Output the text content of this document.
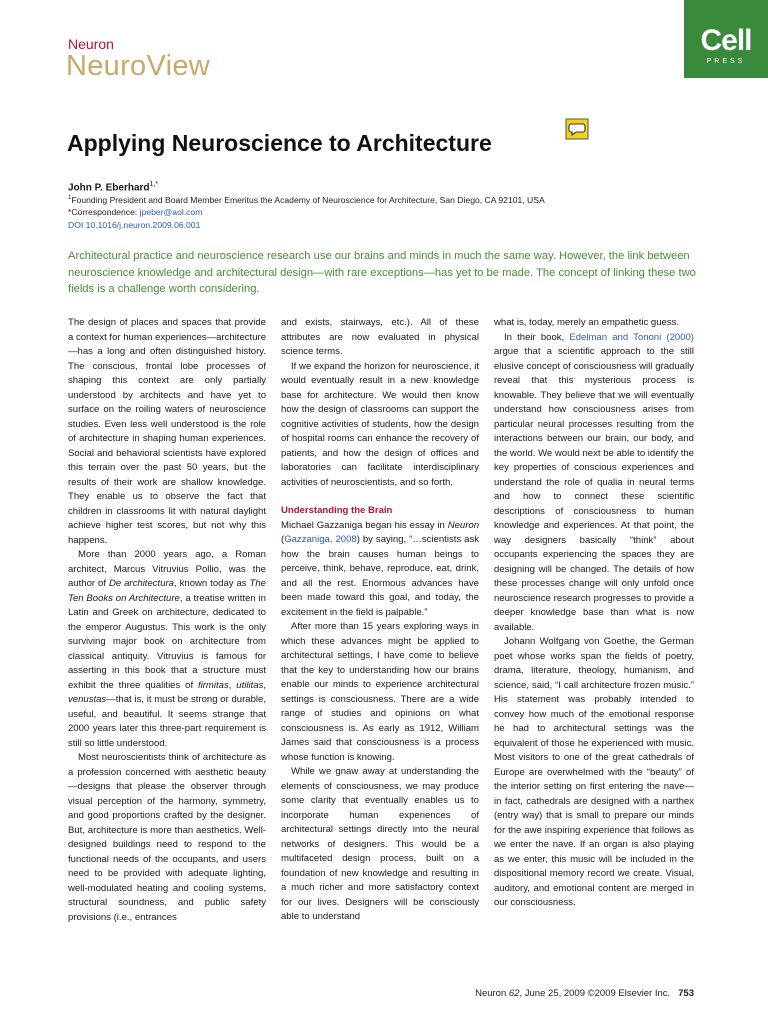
Neuron
NeuroView
Cell
PRESS
Applying Neuroscience to Architecture
John P. Eberhard$^{1,*}$
$^1$Founding President and Board Member Emeritus the Academy of Neuroscience for Architecture, San Diego, CA 92101, USA
*Correspondence: jpeber@aol.com
DOI 10.1016/j.neuron.2009.06.001
Architectural practice and neuroscience research use our brains and minds in much the same way. However, the link between neuroscience knowledge and architectural design—with rare exceptions—has yet to be made. The concept of linking these two fields is a challenge worth considering.

The design of places and spaces that provide a context for human experiences—architecture—has a long and often distinguished history. The conscious, frontal lobe processes of shaping this context are only partially understood by architects and have yet to surface on the roiling waters of neuroscience studies. Even less well understood is the role of architecture in shaping human experiences. Social and behavioral scientists have explored this terrain over the past 50 years, but the results of their work are shallow knowledge. They enable us to observe the fact that children in classrooms lit with natural daylight achieve higher test scores, but not why this happens.

More than 2000 years ago, a Roman architect, Marcus Vitruvius Pollio, was the author of De architectura, known today as The Ten Books on Architecture, a treatise written in Latin and Greek on architecture, dedicated to the emperor Augustus. This work is the only surviving major book on architecture from classical antiquity. Vitruvius is famous for asserting in this book that a structure must exhibit the three qualities of firmitas, utilitas, venustas—that is, it must be strong or durable, useful, and beautiful. It seems strange that 2000 years later this three-part requirement is still so little understood.

Most neuroscientists think of architecture as a profession concerned with aesthetic beauty—designs that please the observer through visual perception of the harmony, symmetry, and good proportions crafted by the designer. But, architecture is more than aesthetics. Well-designed buildings need to respond to the functional needs of the occupants, and users need to be provided with adequate lighting, well-modulated heating and cooling systems, structural soundness, and public safety provisions (i.e., entrances

and exists, stairways, etc.). All of these attributes are now evaluated in physical science terms.

If we expand the horizon for neuroscience, it would eventually result in a new knowledge base for architecture. We would then know how the design of classrooms can support the cognitive activities of students, how the design of hospital rooms can enhance the recovery of patients, and how the design of offices and laboratories can facilitate interdisciplinary activities of neuroscientists, and so forth.

Understanding the Brain

Michael Gazzaniga began his essay in Neuron (Gazzaniga, 2008) by saying, “…scientists ask how the brain causes human beings to perceive, think, behave, reproduce, eat, drink, and all the rest. Enormous advances have been made toward this goal, and today, the excitement in the field is palpable.”

After more than 15 years exploring ways in which these advances might be applied to architectural settings, I have come to believe that the key to understanding how our brains enable our minds to experience architectural settings is consciousness. There are a wide range of studies and opinions on what consciousness is. As early as 1912, William James said that consciousness is a process whose function is knowing.

While we gnaw away at understanding the elements of consciousness, we may produce some clarity that eventually enables us to incorporate human experiences of architectural settings directly into the neural networks of designers. This would be a multifaceted design process, built on a foundation of new knowledge and resulting in a much richer and more satisfactory context for our lives. Designers will be consciously able to understand

what is, today, merely an empathetic guess.

In their book, Edelman and Tononi (2000) argue that a scientific approach to the still elusive concept of consciousness will gradually reveal that this mysterious process is knowable. They believe that we will eventually understand how consciousness arises from particular neural processes resulting from the interactions between our brain, our body, and the world. We would next be able to identify the key properties of conscious experiences and understand the role of qualia in neural terms and how to connect these scientific descriptions of consciousness to human knowledge and experiences. At that point, the way designers basically “think” about occupants experiencing the spaces they are designing will be changed. The details of how these processes change will only unfold once neuroscience research progresses to provide a deeper knowledge base than what is now available.

Johann Wolfgang von Goethe, the German poet whose works span the fields of poetry, drama, literature, theology, humanism, and science, said, “I call architecture frozen music.” His statement was probably intended to convey how much of the emotional response he had to architectural settings was the equivalent of those he experienced with music. Most visitors to one of the great cathedrals of Europe are overwhelmed with the “beauty” of the interior setting on first entering the nave—in fact, cathedrals are designed with a narthex (entry way) that is small to prepare our minds for the awe inspiring experience that follows as we enter the nave. If an organ is also playing as we enter, this music will be included in the dispositional memory record we create. Visual, auditory, and emotional content are merged in our consciousness.

Neuron 62, June 25, 2009 ©2009 Elsevier Inc. 753
